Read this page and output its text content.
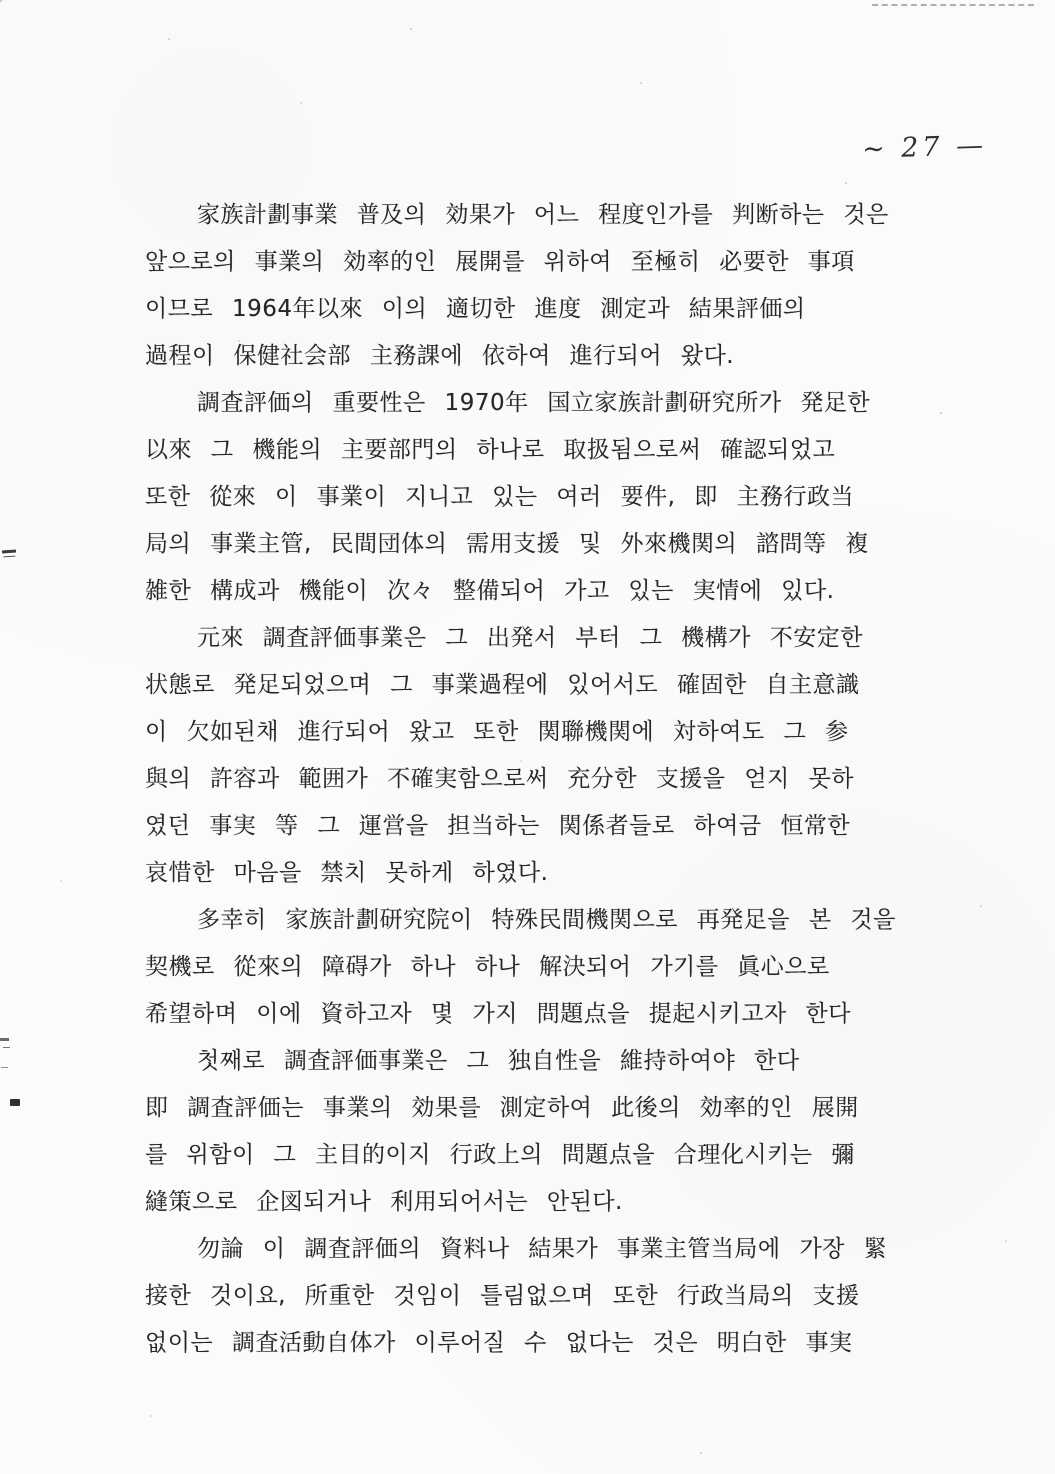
~ 27 —
家族計劃事業 普及의 効果가 어느 程度인가를 判断하는 것은
앞으로의 事業의 効率的인 展開를 위하여 至極히 必要한 事項
이므로 1964年以來 이의 適切한 進度 測定과 結果評価의
過程이 保健社会部 主務課에 依하여 進行되어 왔다.
調査評価의 重要性은 1970年 国立家族計劃研究所가 発足한
以來 그 機能의 主要部門의 하나로 取扱됨으로써 確認되었고
또한 從來 이 事業이 지니고 있는 여러 要件, 即 主務行政当
局의 事業主管, 民間団体의 需用支援 및 外來機関의 諮問等 複
雑한 構成과 機能이 次々 整備되어 가고 있는 実情에 있다.
元來 調査評価事業은 그 出発서 부터 그 機構가 不安定한
状態로 発足되었으며 그 事業過程에 있어서도 確固한 自主意識
이 欠如된채 進行되어 왔고 또한 関聯機関에 対하여도 그 参
與의 許容과 範囲가 不確実함으로써 充分한 支援을 얻지 못하
였던 事実 等 그 運営을 担当하는 関係者들로 하여금 恒常한
哀惜한 마음을 禁치 못하게 하였다.
多幸히 家族計劃研究院이 特殊民間機関으로 再発足을 본 것을
契機로 從來의 障碍가 하나 하나 解決되어 가기를 眞心으로
希望하며 이에 資하고자 몇 가지 問題点을 提起시키고자 한다
첫째로 調査評価事業은 그 独自性을 維持하여야 한다
即 調査評価는 事業의 効果를 測定하여 此後의 効率的인 展開
를 위함이 그 主目的이지 行政上의 問題点을 合理化시키는 彌
縫策으로 企図되거나 利用되어서는 안된다.
勿論 이 調査評価의 資料나 結果가 事業主管当局에 가장 緊
接한 것이요, 所重한 것임이 틀림없으며 또한 行政当局의 支援
없이는 調査活動自体가 이루어질 수 없다는 것은 明白한 事実
